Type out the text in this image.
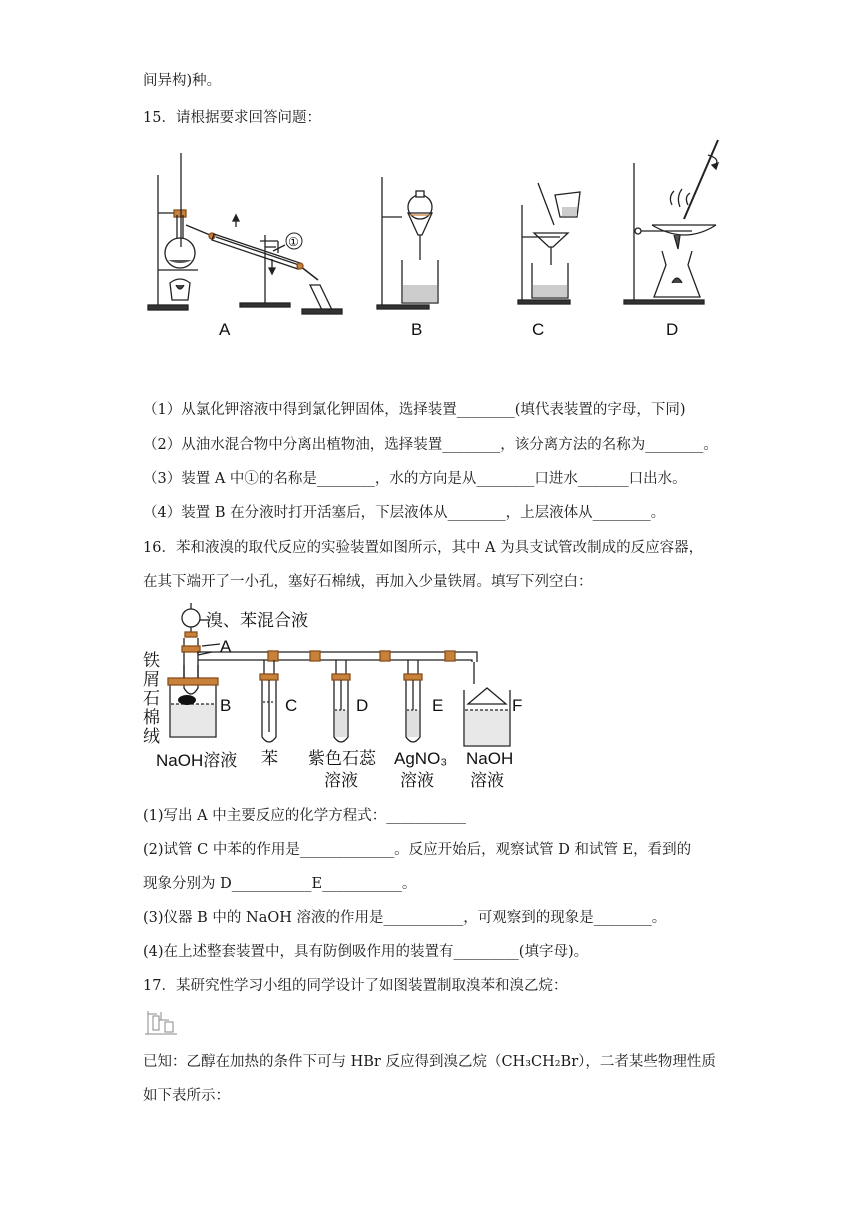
间异构)种。
15．请根据要求回答问题：
①
A	B	C	D
（1）从氯化钾溶液中得到氯化钾固体，选择装置________(填代表装置的字母，下同)
（2）从油水混合物中分离出植物油，选择装置________，该分离方法的名称为________。
（3）装置 A 中①的名称是________，水的方向是从________口进水_______口出水。
（4）装置 B 在分液时打开活塞后，下层液体从________，上层液体从________。
16．苯和液溴的取代反应的实验装置如图所示，其中 A 为具支试管改制成的反应容器，
在其下端开了一小孔，塞好石棉绒，再加入少量铁屑。填写下列空白：
溴、苯混合液
A
B	C	D	E	F
铁
屑
石
棉
绒
NaOH溶液 苯 紫色石蕊
溶液
AgNO₃
溶液
NaOH
溶液
(1)写出 A 中主要反应的化学方程式：___________
(2)试管 C 中苯的作用是_____________。反应开始后，观察试管 D 和试管 E，看到的
现象分别为 D___________E___________。
(3)仪器 B 中的 NaOH 溶液的作用是___________，可观察到的现象是________。
(4)在上述整套装置中，具有防倒吸作用的装置有_________(填字母)。
17．某研究性学习小组的同学设计了如图装置制取溴苯和溴乙烷：
已知：乙醇在加热的条件下可与 HBr 反应得到溴乙烷（CH₃CH₂Br），二者某些物理性质
如下表所示：
